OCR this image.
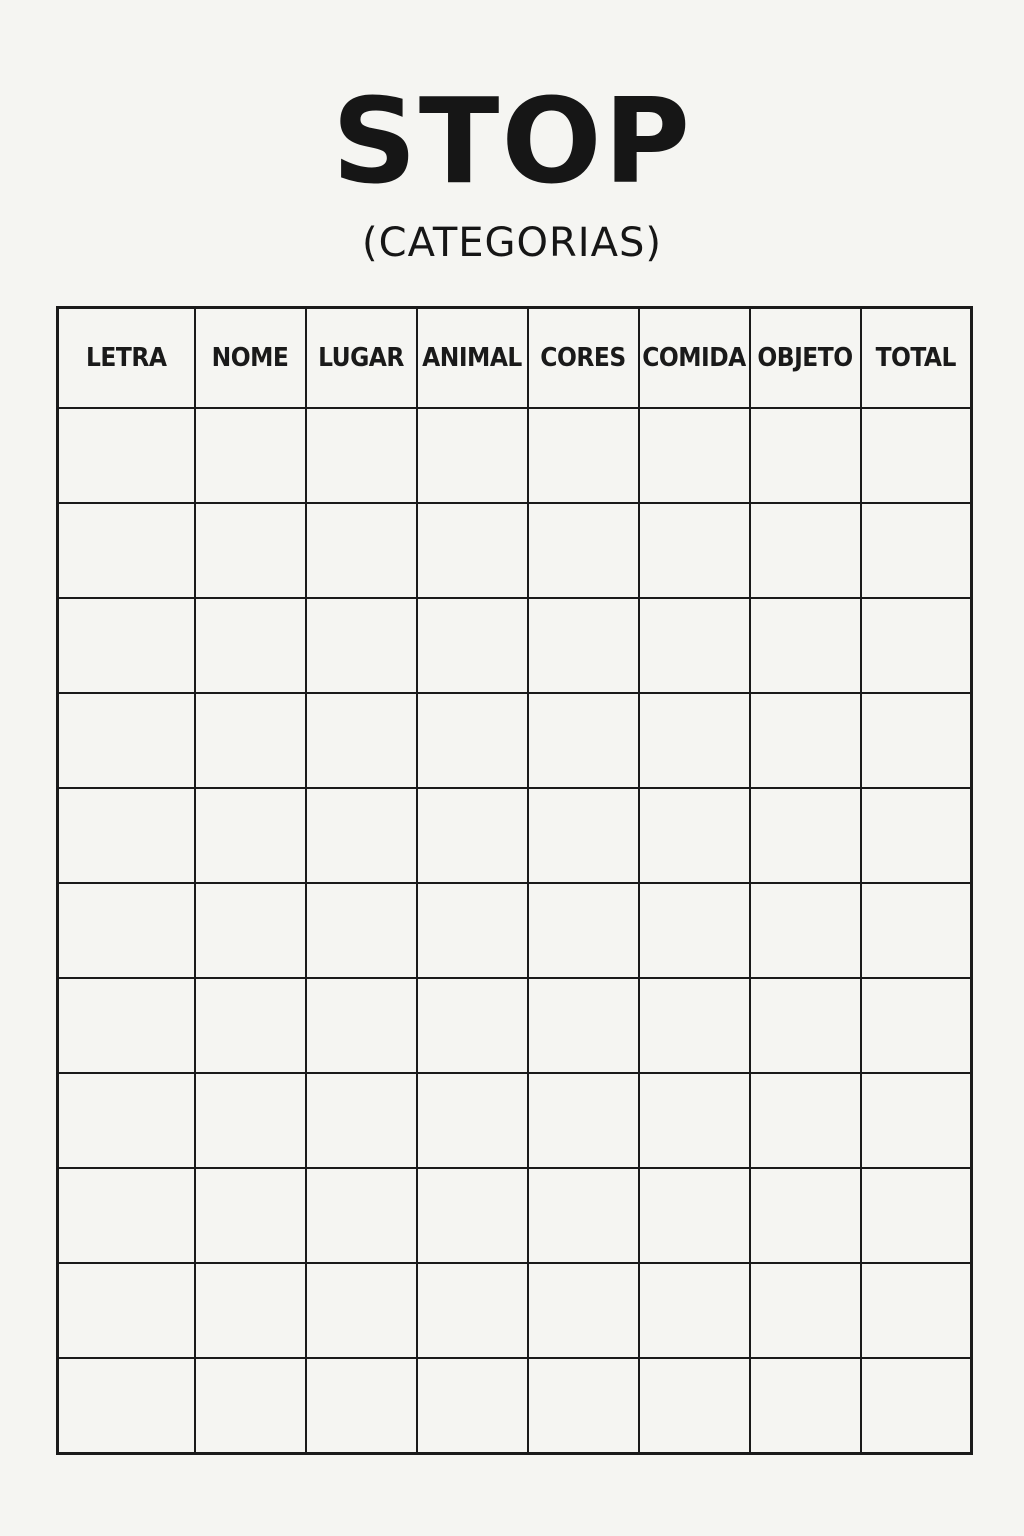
STOP
(CATEGORIAS)
LETRA	NOME	LUGAR	ANIMAL	CORES	COMIDA	OBJETO	TOTAL
